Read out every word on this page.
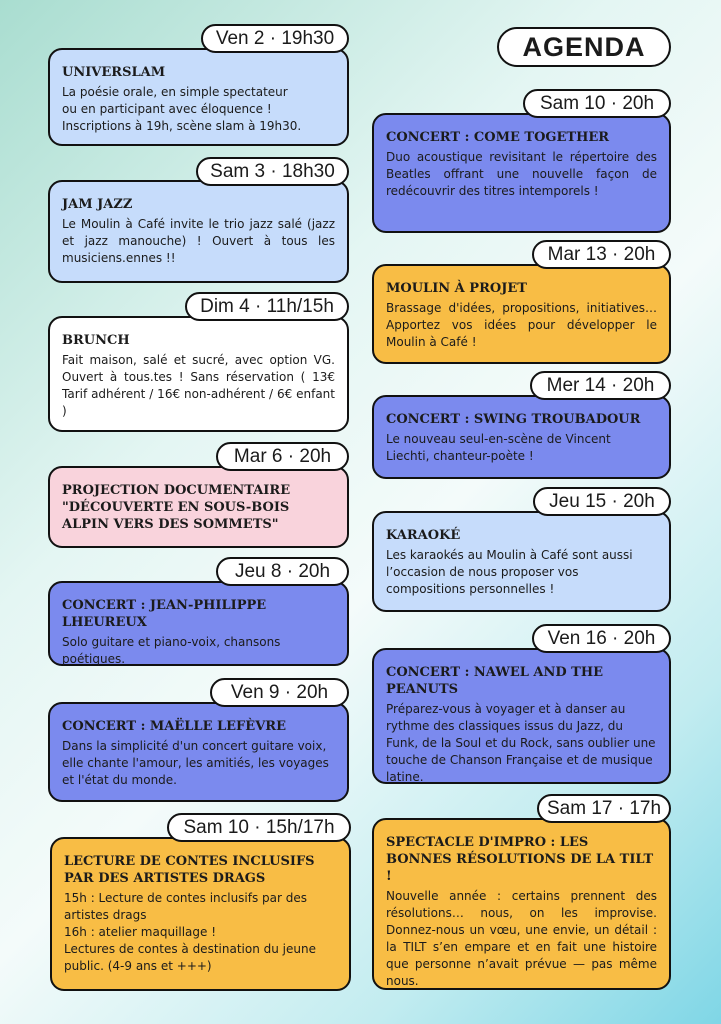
AGENDA
Ven 2 · 19h30

UNIVERSLAM

La poésie orale, en simple spectateur
ou en participant avec éloquence !
Inscriptions à 19h, scène slam à 19h30.

Sam 3 · 18h30

JAM JAZZ

Le Moulin à Café invite le trio jazz salé (jazz et jazz manouche) ! Ouvert à tous les musiciens.ennes !!

Dim 4 · 11h/15h

BRUNCH

Fait maison, salé et sucré, avec option VG. Ouvert à tous.tes ! Sans réservation ( 13€ Tarif adhérent / 16€ non-adhérent / 6€ enfant )

Mar 6 · 20h

PROJECTION DOCUMENTAIRE "DÉCOUVERTE EN SOUS-BOIS ALPIN VERS DES SOMMETS"

Jeu 8 · 20h

CONCERT : JEAN-PHILIPPE LHEUREUX

Solo guitare et piano-voix, chansons poétiques.

Ven 9 · 20h

CONCERT : MAËLLE LEFÈVRE

Dans la simplicité d'un concert guitare voix, elle chante l'amour, les amitiés, les voyages et l'état du monde.

Sam 10 · 15h/17h

LECTURE DE CONTES INCLUSIFS PAR DES ARTISTES DRAGS

15h : Lecture de contes inclusifs par des artistes drags
16h : atelier maquillage !
Lectures de contes à destination du jeune public. (4-9 ans et +++)

Sam 10 · 20h

CONCERT : COME TOGETHER

Duo acoustique revisitant le répertoire des Beatles offrant une nouvelle façon de redécouvrir des titres intemporels !

Mar 13 · 20h

MOULIN À PROJET

Brassage d'idées, propositions, initiatives… Apportez vos idées pour développer le Moulin à Café !

Mer 14 · 20h

CONCERT : SWING TROUBADOUR

Le nouveau seul-en-scène de Vincent Liechti, chanteur-poète !

Jeu 15 · 20h

KARAOKÉ

Les karaokés au Moulin à Café sont aussi l’occasion de nous proposer vos compositions personnelles !

Ven 16 · 20h

CONCERT : NAWEL AND THE PEANUTS

Préparez-vous à voyager et à danser au rythme des classiques issus du Jazz, du Funk, de la Soul et du Rock, sans oublier une touche de Chanson Française et de musique latine.

Sam 17 · 17h

SPECTACLE D'IMPRO : LES BONNES RÉSOLUTIONS DE LA TILT !

Nouvelle année : certains prennent des résolutions… nous, on les improvise. Donnez-nous un vœu, une envie, un détail : la TILT s’en empare et en fait une histoire que personne n’avait prévue — pas même nous.
